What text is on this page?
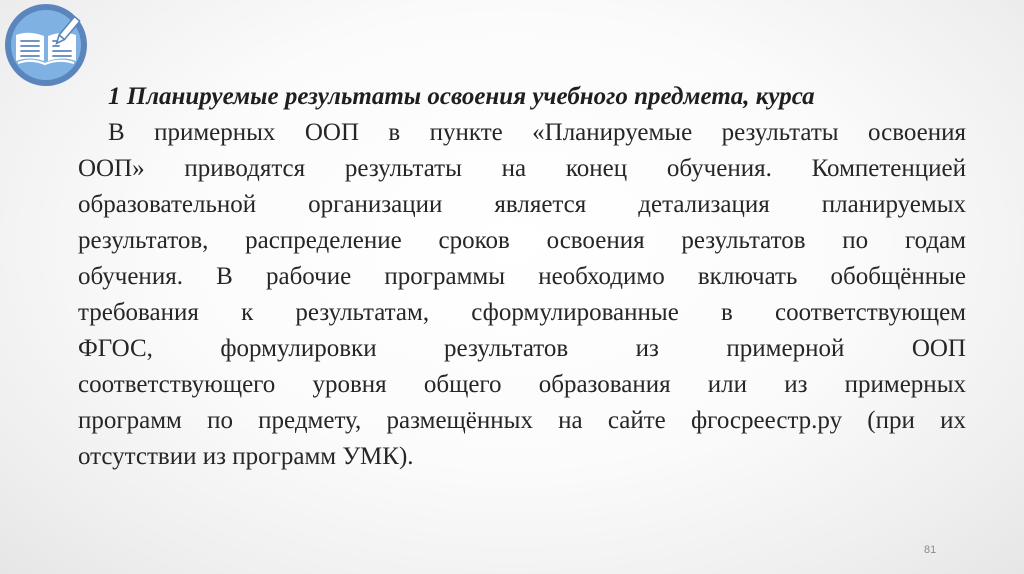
1 Планируемые результаты освоения учебного предмета, курса
В примерных ООП в пункте «Планируемые результаты освоения
ООП» приводятся результаты на конец обучения. Компетенцией
образовательной организации является детализация планируемых
результатов, распределение сроков освоения результатов по годам
обучения. В рабочие программы необходимо включать обобщённые
требования к результатам, сформулированные в соответствующем
ФГОС, формулировки результатов из примерной ООП
соответствующего уровня общего образования или из примерных
программ по предмету, размещённых на сайте фгосреестр.ру (при их
отсутствии из программ УМК).
81
